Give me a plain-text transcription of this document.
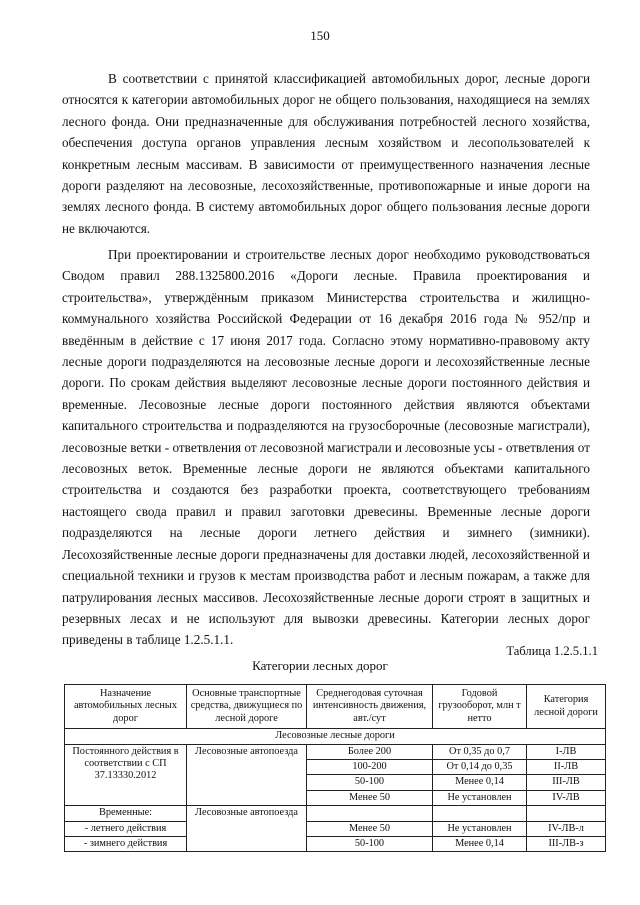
150

В соответствии с принятой классификацией автомобильных дорог, лесные дороги относятся к категории автомобильных дорог не общего пользования, находящиеся на землях лесного фонда. Они предназначенные для обслуживания потребностей лесного хозяйства, обеспечения доступа органов управления лесным хозяйством и лесопользователей к конкретным лесным массивам. В зависимости от преимущественного назначения лесные дороги разделяют на лесовозные, лесохозяйственные, противопожарные и иные дороги на землях лесного фонда. В систему автомобильных дорог общего пользования лесные дороги не включаются.

При проектировании и строительстве лесных дорог необходимо руководствоваться Сводом правил 288.1325800.2016 «Дороги лесные. Правила проектирования и строительства», утверждённым приказом Министерства строительства и жилищно-коммунального хозяйства Российской Федерации от 16 декабря 2016 года № 952/пр и введённым в действие с 17 июня 2017 года. Согласно этому нормативно-правовому акту лесные дороги подразделяются на лесовозные лесные дороги и лесохозяйственные лесные дороги. По срокам действия выделяют лесовозные лесные дороги постоянного действия и временные. Лесовозные лесные дороги постоянного действия являются объектами капитального строительства и подразделяются на грузосборочные (лесовозные магистрали), лесовозные ветки - ответвления от лесовозной магистрали и лесовозные усы - ответвления от лесовозных веток. Временные лесные дороги не являются объектами капитального строительства и создаются без разработки проекта, соответствующего требованиям настоящего свода правил и правил заготовки древесины. Временные лесные дороги подразделяются на лесные дороги летнего действия и зимнего (зимники). Лесохозяйственные лесные дороги предназначены для доставки людей, лесохозяйственной и специальной техники и грузов к местам производства работ и лесным пожарам, а также для патрулирования лесных массивов. Лесохозяйственные лесные дороги строят в защитных и резервных лесах и не используют для вывозки древесины. Категории лесных дорог приведены в таблице 1.2.5.1.1.

Таблица 1.2.5.1.1
Категории лесных дорог
Назначение автомобильных лесных дорог	Основные транспортные средства, движущиеся по лесной дороге	Среднегодовая суточная интенсивность движения, авт./сут	Годовой грузооборот, млн т нетто	Категория лесной дороги
Лесовозные лесные дороги				
Постоянного действия в соответствии с СП 37.13330.2012	Лесовозные автопоезда	Более 200	От 0,35 до 0,7	I-ЛВ
		100-200	От 0,14 до 0,35	II-ЛВ
		50-100	Менее 0,14	III-ЛВ
		Менее 50	Не установлен	IV-ЛВ
Временные:	Лесовозные автопоезда			
- летнего действия		Менее 50	Не установлен	IV-ЛВ-л
- зимнего действия		50-100	Менее 0,14	III-ЛВ-з
